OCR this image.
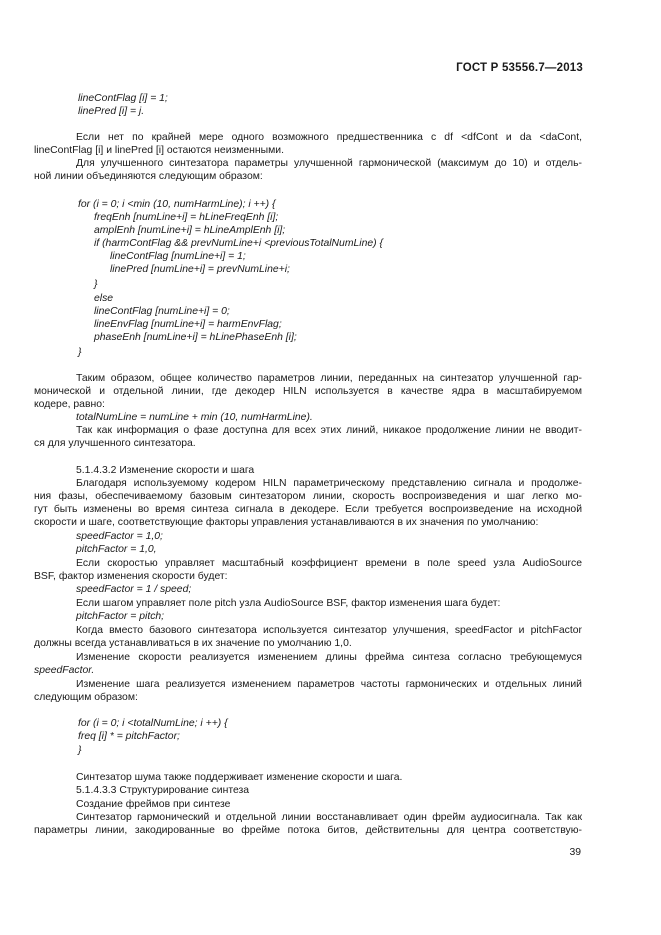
ГОСТ Р 53556.7—2013
lineContFlag [i] = 1;
linePred [i] = j.
Если нет по крайней мере одного возможного предшественника с df <dfCont и da <daCont,
lineContFlag [i] и linePred [i] остаются неизменными.
Для улучшенного синтезатора параметры улучшенной гармонической (максимум до 10) и отдель-
ной линии объединяются следующим образом:
for (i = 0; i <min (10, numHarmLine); i ++) {
freqEnh [numLine+i] = hLineFreqEnh [i];
amplEnh [numLine+i] = hLineAmplEnh [i];
if (harmContFlag && prevNumLine+i <previousTotalNumLine) {
lineContFlag [numLine+i] = 1;
linePred [numLine+i] = prevNumLine+i;
}
else
lineContFlag [numLine+i] = 0;
lineEnvFlag [numLine+i] = harmEnvFlag;
phaseEnh [numLine+i] = hLinePhaseEnh [i];
}
Таким образом, общее количество параметров линии, переданных на синтезатор улучшенной гар-
монической и отдельной линии, где декодер HILN используется в качестве ядра в масштабируемом
кодере, равно:
totalNumLine = numLine + min (10, numHarmLine).
Так как информация о фазе доступна для всех этих линий, никакое продолжение линии не вводит-
ся для улучшенного синтезатора.
5.1.4.3.2 Изменение скорости и шага
Благодаря используемому кодером HILN параметрическому представлению сигнала и продолже-
ния фазы, обеспечиваемому базовым синтезатором линии, скорость воспроизведения и шаг легко мо-
гут быть изменены во время синтеза сигнала в декодере. Если требуется воспроизведение на исходной
скорости и шаге, соответствующие факторы управления устанавливаются в их значения по умолчанию:
speedFactor = 1,0;
pitchFactor = 1,0,
Если скоростью управляет масштабный коэффициент времени в поле speed узла AudioSource
BSF, фактор изменения скорости будет:
speedFactor = 1 / speed;
Если шагом управляет поле pitch узла AudioSource BSF, фактор изменения шага будет:
pitchFactor = pitch;
Когда вместо базового синтезатора используется синтезатор улучшения, speedFactor и pitchFactor
должны всегда устанавливаться в их значение по умолчанию 1,0.
Изменение скорости реализуется изменением длины фрейма синтеза согласно требующемуся
speedFactor.
Изменение шага реализуется изменением параметров частоты гармонических и отдельных линий
следующим образом:
for (i = 0; i <totalNumLine; i ++) {
freq [i] * = pitchFactor;
}
Синтезатор шума также поддерживает изменение скорости и шага.
5.1.4.3.3 Структурирование синтеза
Создание фреймов при синтезе
Синтезатор гармонический и отдельной линии восстанавливает один фрейм аудиосигнала. Так как
параметры линии, закодированные во фрейме потока битов, действительны для центра соответствую-
39
